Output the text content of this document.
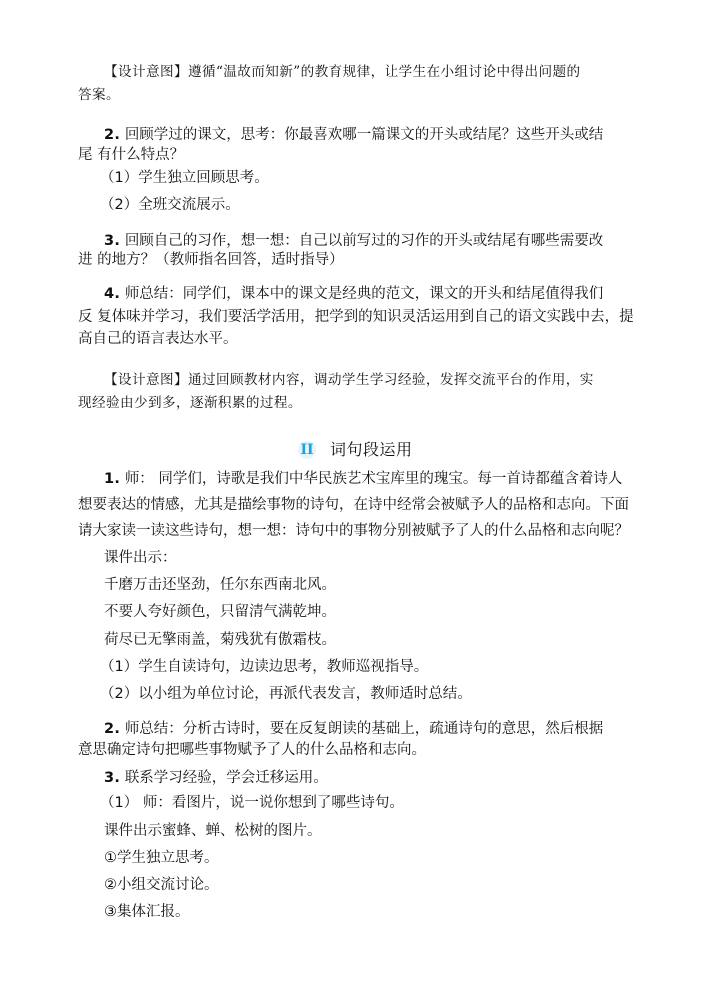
【设计意图】遵循“温故而知新”的教育规律，让学生在小组讨论中得出问题的
答案。
2. 回顾学过的课文，思考：你最喜欢哪一篇课文的开头或结尾？这些开头或结
尾 有什么特点？
（1）学生独立回顾思考。
（2）全班交流展示。
3. 回顾自己的习作，想一想：自己以前写过的习作的开头或结尾有哪些需要改
进 的地方？（教师指名回答，适时指导）
4. 师总结：同学们，课本中的课文是经典的范文，课文的开头和结尾值得我们
反 复体味并学习，我们要活学活用，把学到的知识灵活运用到自己的语文实践中去，提
高自己的语言表达水平。
【设计意图】通过回顾教材内容，调动学生学习经验，发挥交流平台的作用，实
现经验由少到多，逐渐积累的过程。
II 词句段运用
1. 师： 同学们，诗歌是我们中华民族艺术宝库里的瑰宝。每一首诗都蕴含着诗人
想要表达的情感，尤其是描绘事物的诗句，在诗中经常会被赋予人的品格和志向。下面
请大家读一读这些诗句，想一想：诗句中的事物分别被赋予了人的什么品格和志向呢？
课件出示：
千磨万击还坚劲，任尔东西南北风。
不要人夸好颜色，只留清气满乾坤。
荷尽已无擎雨盖，菊残犹有傲霜枝。
（1）学生自读诗句，边读边思考，教师巡视指导。
（2）以小组为单位讨论，再派代表发言，教师适时总结。
2. 师总结：分析古诗时，要在反复朗读的基础上，疏通诗句的意思，然后根据
意思确定诗句把哪些事物赋予了人的什么品格和志向。
3. 联系学习经验，学会迁移运用。
（1） 师：看图片，说一说你想到了哪些诗句。
课件出示蜜蜂、蝉、松树的图片。
①学生独立思考。
②小组交流讨论。
③集体汇报。
